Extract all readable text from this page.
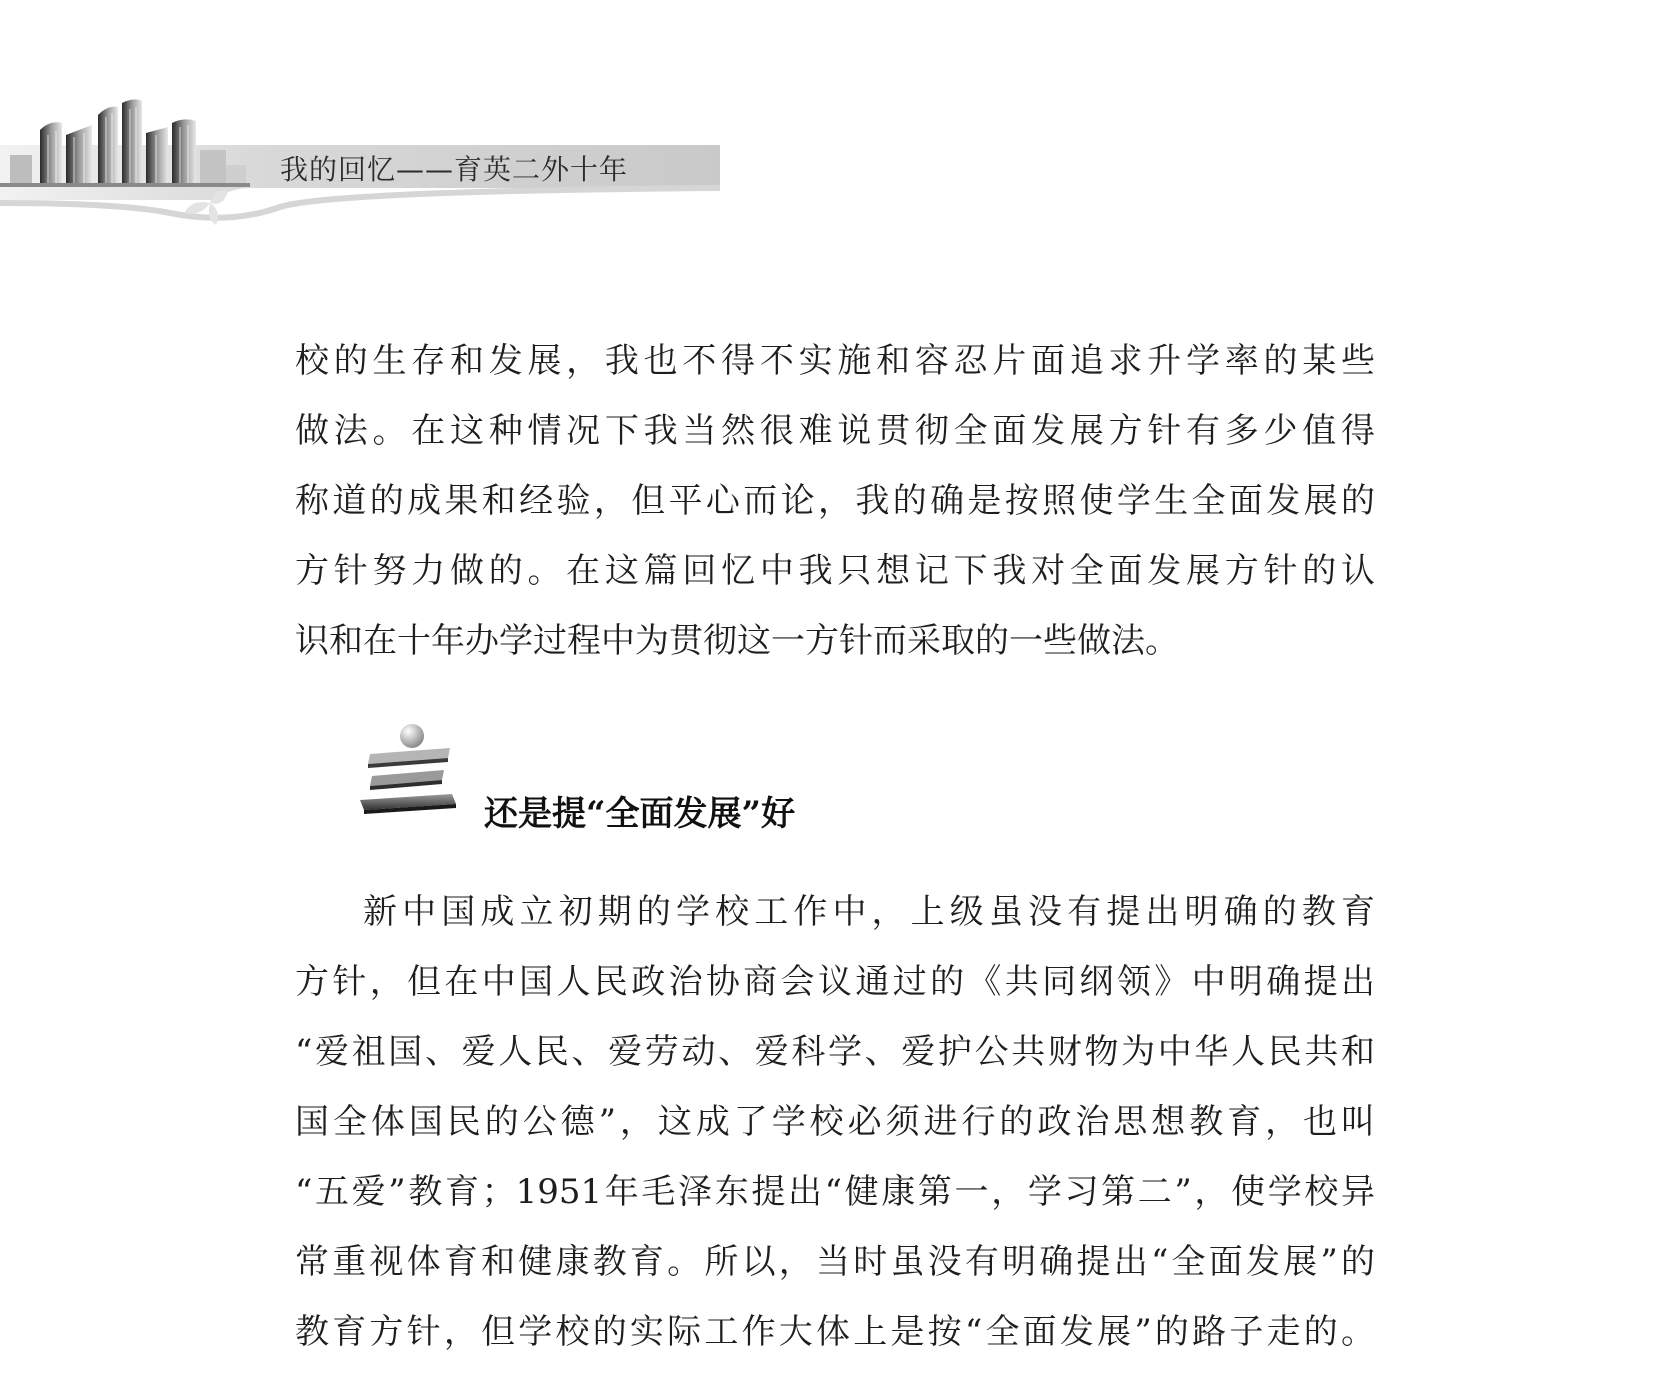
我的回忆——育英二外十年

校的生存和发展，我也不得不实施和容忍片面追求升学率的某些

做法。在这种情况下我当然很难说贯彻全面发展方针有多少值得

称道的成果和经验，但平心而论，我的确是按照使学生全面发展的

方针努力做的。在这篇回忆中我只想记下我对全面发展方针的认

识和在十年办学过程中为贯彻这一方针而采取的一些做法。

还是提“全面发展”好

新中国成立初期的学校工作中，上级虽没有提出明确的教育

方针，但在中国人民政治协商会议通过的《共同纲领》中明确提出

“爱祖国、爱人民、爱劳动、爱科学、爱护公共财物为中华人民共和

国全体国民的公德”，这成了学校必须进行的政治思想教育，也叫

“五爱”教育；1951年毛泽东提出“健康第一，学习第二”，使学校异

常重视体育和健康教育。所以，当时虽没有明确提出“全面发展”的

教育方针，但学校的实际工作大体上是按“全面发展”的路子走的。
